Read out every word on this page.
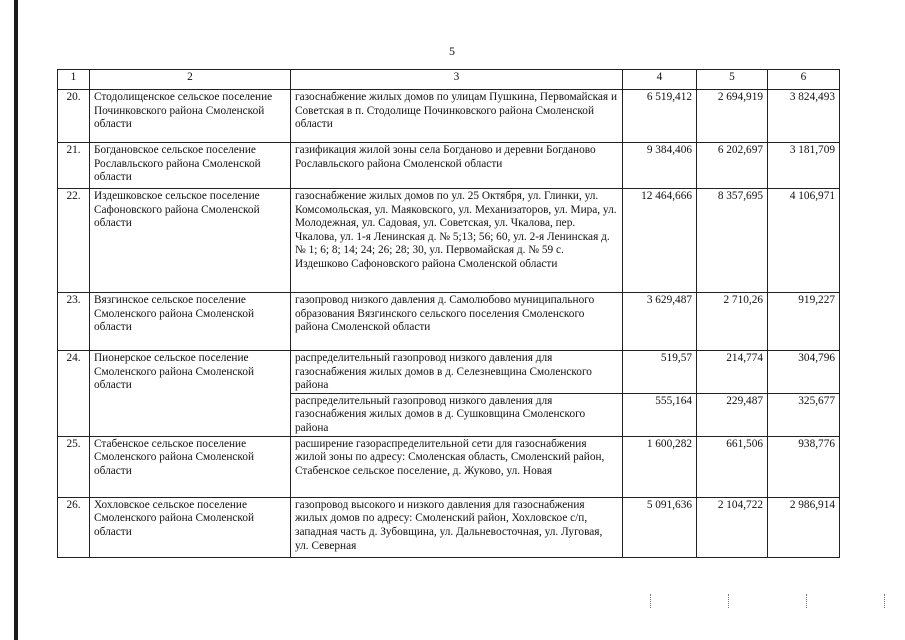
5
1	2	3	4	5	6
20.	Стодолищенское сельское поселение Починковского района Смоленской области	газоснабжение жилых домов по улицам Пушкина, Первомайская и Советская в п. Стодолище Починковского района Смоленской области	6 519,412	2 694,919	3 824,493
21.	Богдановское сельское поселение Рославльского района Смоленской области	газификация жилой зоны села Богданово и деревни Богданово Рославльского района Смоленской области	9 384,406	6 202,697	3 181,709
22.	Издешковское сельское поселение Сафоновского района Смоленской области	газоснабжение жилых домов по ул. 25 Октября, ул. Глинки, ул. Комсомольская, ул. Маяковского, ул. Механизаторов, ул. Мира, ул. Молодежная, ул. Садовая, ул. Советская, ул. Чкалова, пер. Чкалова, ул. 1-я Ленинская д. № 5;13; 56; 60, ул. 2-я Ленинская д. № 1; 6; 8; 14; 24; 26; 28; 30, ул. Первомайская д. № 59 с. Издешково Сафоновского района Смоленской области	12 464,666	8 357,695	4 106,971
23.	Вязгинское сельское поселение Смоленского района Смоленской области	газопровод низкого давления д. Самолюбово муниципального образования Вязгинского сельского поселения Смоленского района Смоленской области	3 629,487	2 710,26	919,227
24.	Пионерское сельское поселение Смоленского района Смоленской области	распределительный газопровод низкого давления для газоснабжения жилых домов в д. Селезневщина Смоленского района	519,57	214,774	304,796
		распределительный газопровод низкого давления для газоснабжения жилых домов в д. Сушковщина Смоленского района	555,164	229,487	325,677
25.	Стабенское сельское поселение Смоленского района Смоленской области	расширение газораспределительной сети для газоснабжения жилой зоны по адресу: Смоленская область, Смоленский район, Стабенское сельское поселение, д. Жуково, ул. Новая	1 600,282	661,506	938,776
26.	Хохловское сельское поселение Смоленского района Смоленской области	газопровод высокого и низкого давления для газоснабжения жилых домов по адресу: Смоленский район, Хохловское с/п, западная часть д. Зубовщина, ул. Дальневосточная, ул. Луговая, ул. Северная	5 091,636	2 104,722	2 986,914
